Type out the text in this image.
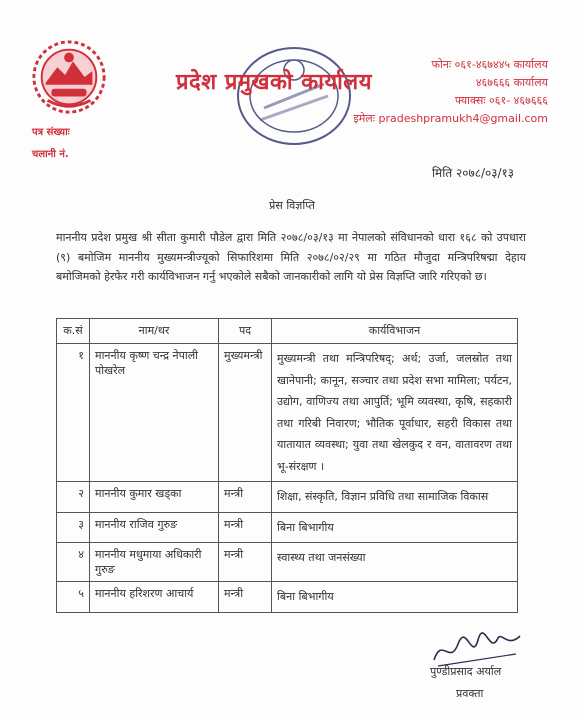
प्रदेश प्रमुखको कार्यालय
फोनः ०६१-४६७४४५ कार्यालय
४६७६६६ कार्यालय
फ्याक्सः ०६१- ४६७६६६
इमेलः pradeshpramukh4@gmail.com
पत्र संख्याः
चलानी नं.
मिति २०७८/०३/१३
प्रेस विज्ञप्ति
माननीय प्रदेश प्रमुख श्री सीता कुमारी पौडेल द्वारा मिति २०७८/०३/१३ मा नेपालको संविधानको धारा १६८ को उपधारा (९) बमोजिम माननीय मुख्यमन्त्रीज्यूको सिफारिशमा मिति २०७८/०२/२९ मा गठित मौजुदा मन्त्रिपरिषद्मा देहाय बमोजिमको हेरफेर गरी कार्यविभाजन गर्नु भएकोले सबैको जानकारीको लागि यो प्रेस विज्ञप्ति जारि गरिएको छ।
क.सं	नाम/थर	पद	कार्यविभाजन
१	माननीय कृष्ण चन्द्र नेपाली पोखरेल	मुख्यमन्त्री	मुख्यमन्त्री तथा मन्त्रिपरिषद्; अर्थ; उर्जा, जलस्रोत तथा खानेपानी; कानून, सञ्चार तथा प्रदेश सभा मामिला; पर्यटन, उद्योग, वाणिज्य तथा आपुर्ति; भूमि व्यवस्था, कृषि, सहकारी तथा गरिबी निवारण; भौतिक पूर्वाधार, सहरी विकास तथा यातायात व्यवस्था; युवा तथा खेलकुद र वन, वातावरण तथा भू-संरक्षण ।
२	माननीय कुमार खड्का	मन्त्री	शिक्षा, संस्कृति, विज्ञान प्रविधि तथा सामाजिक विकास
३	माननीय राजिव गुरुङ	मन्त्री	बिना बिभागीय
४	माननीय मधुमाया अधिकारी गुरुङ	मन्त्री	स्वास्थ्य तथा जनसंख्या
५	माननीय हरिशरण आचार्य	मन्त्री	बिना बिभागीय
पुण्डीप्रसाद अर्याल
प्रवक्ता
